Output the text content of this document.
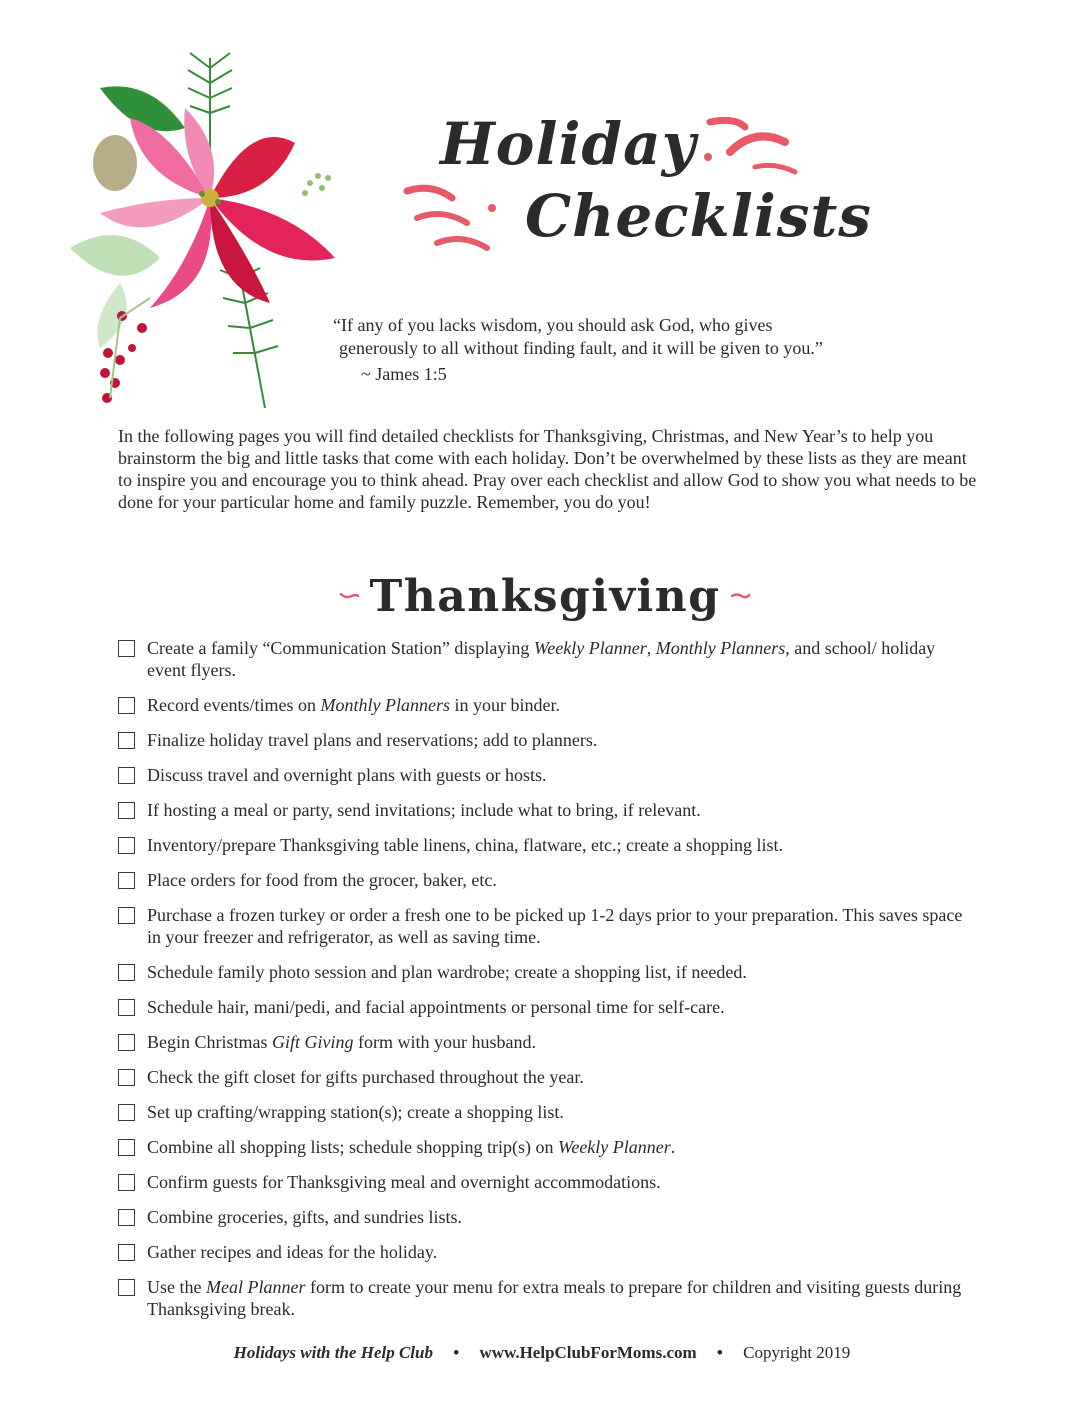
Holiday
Checklists
“If any of you lacks wisdom, you should ask God, who gives
generously to all without finding fault, and it will be given to you.”
~ James 1:5

In the following pages you will find detailed checklists for Thanksgiving, Christmas, and New Year’s to help you brainstorm the big and little tasks that come with each holiday. Don’t be overwhelmed by these lists as they are meant to inspire you and encourage you to think ahead. Pray over each checklist and allow God to show you what needs to be done for your particular home and family puzzle. Remember, you do you!

Thanksgiving
Create a family “Communication Station” displaying Weekly Planner, Monthly Planners, and school/ holiday event flyers.
Record events/times on Monthly Planners in your binder.
Finalize holiday travel plans and reservations; add to planners.
Discuss travel and overnight plans with guests or hosts.
If hosting a meal or party, send invitations; include what to bring, if relevant.
Inventory/prepare Thanksgiving table linens, china, flatware, etc.; create a shopping list.
Place orders for food from the grocer, baker, etc.
Purchase a frozen turkey or order a fresh one to be picked up 1-2 days prior to your preparation. This saves space in your freezer and refrigerator, as well as saving time.
Schedule family photo session and plan wardrobe; create a shopping list, if needed.
Schedule hair, mani/pedi, and facial appointments or personal time for self-care.
Begin Christmas Gift Giving form with your husband.
Check the gift closet for gifts purchased throughout the year.
Set up crafting/wrapping station(s); create a shopping list.
Combine all shopping lists; schedule shopping trip(s) on Weekly Planner.
Confirm guests for Thanksgiving meal and overnight accommodations.
Combine groceries, gifts, and sundries lists.
Gather recipes and ideas for the holiday.
Use the Meal Planner form to create your menu for extra meals to prepare for children and visiting guests during Thanksgiving break.
Holidays with the Help Club • www.HelpClubForMoms.com • Copyright 2019
